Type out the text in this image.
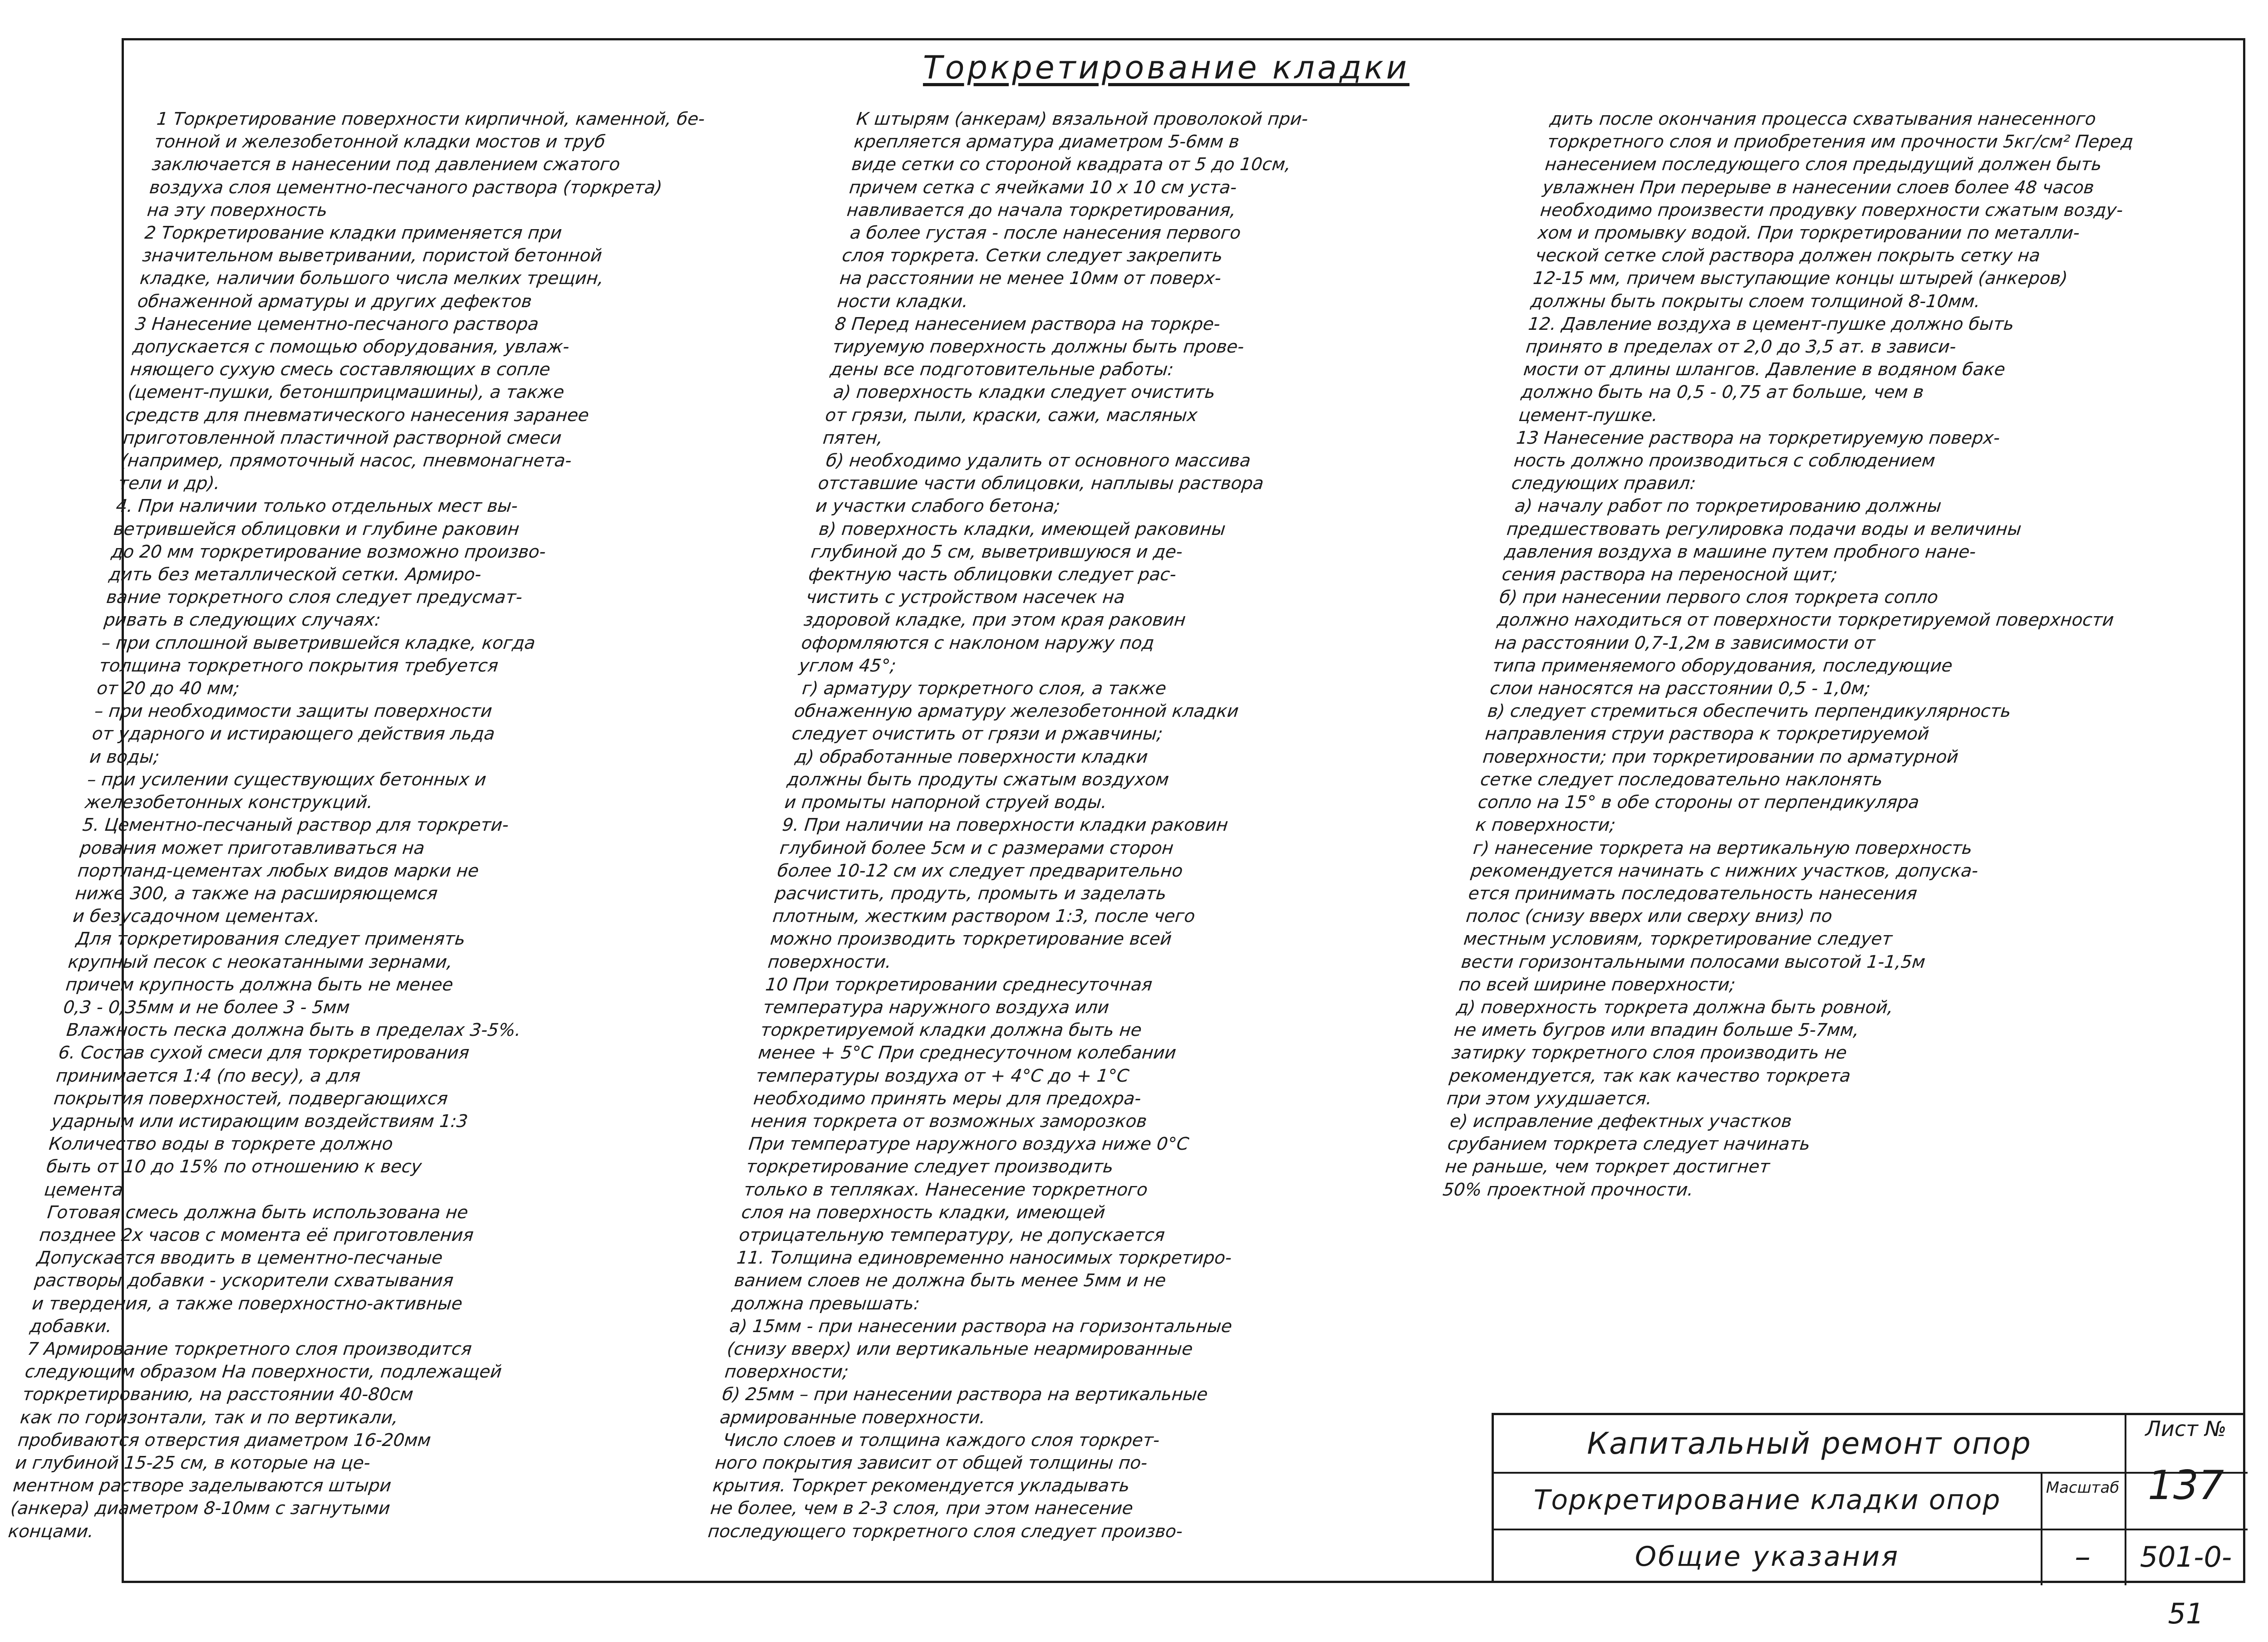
Торкретирование кладки

1 Торкретирование поверхности кирпичной, каменной, бе-

тонной и железобетонной кладки мостов и труб

заключается в нанесении под давлением сжатого

воздуха слоя цементно-песчаного раствора (торкрета)

на эту поверхность

2 Торкретирование кладки применяется при

значительном выветривании, пористой бетонной

кладке, наличии большого числа мелких трещин,

обнаженной арматуры и других дефектов

3 Нанесение цементно-песчаного раствора

допускается с помощью оборудования, увлаж-

няющего сухую смесь составляющих в сопле

(цемент-пушки, бетоншприцмашины), а также

средств для пневматического нанесения заранее

приготовленной пластичной растворной смеси

(например, прямоточный насос, пневмонагнета-

тели и др).

4. При наличии только отдельных мест вы-

ветрившейся облицовки и глубине раковин

до 20 мм торкретирование возможно произво-

дить без металлической сетки. Армиро-

вание торкретного слоя следует предусмат-

ривать в следующих случаях:

– при сплошной выветрившейся кладке, когда

толщина торкретного покрытия требуется

от 20 до 40 мм;

– при необходимости защиты поверхности

от ударного и истирающего действия льда

и воды;

– при усилении существующих бетонных и

железобетонных конструкций.

5. Цементно-песчаный раствор для торкрети-

рования может приготавливаться на

портланд-цементах любых видов марки не

ниже 300, а также на расширяющемся

и безусадочном цементах.

Для торкретирования следует применять

крупный песок с неокатанными зернами,

причем крупность должна быть не менее

0,3 - 0,35мм и не более 3 - 5мм

Влажность песка должна быть в пределах 3-5%.

6. Состав сухой смеси для торкретирования

принимается 1:4 (по весу), а для

покрытия поверхностей, подвергающихся

ударным или истирающим воздействиям 1:3

Количество воды в торкрете должно

быть от 10 до 15% по отношению к весу

цемента

Готовая смесь должна быть использована не

позднее 2х часов с момента её приготовления

Допускается вводить в цементно-песчаные

растворы добавки - ускорители схватывания

и твердения, а также поверхностно-активные

добавки.

7 Армирование торкретного слоя производится

следующим образом На поверхности, подлежащей

торкретированию, на расстоянии 40-80см

как по горизонтали, так и по вертикали,

пробиваются отверстия диаметром 16-20мм

и глубиной 15-25 см, в которые на це-

ментном растворе заделываются штыри

(анкера) диаметром 8-10мм с загнутыми

концами.

К штырям (анкерам) вязальной проволокой при-

крепляется арматура диаметром 5-6мм в

виде сетки со стороной квадрата от 5 до 10см,

причем сетка с ячейками 10 х 10 см уста-

навливается до начала торкретирования,

а более густая - после нанесения первого

слоя торкрета. Сетки следует закрепить

на расстоянии не менее 10мм от поверх-

ности кладки.

8 Перед нанесением раствора на торкре-

тируемую поверхность должны быть прове-

дены все подготовительные работы:

а) поверхность кладки следует очистить

от грязи, пыли, краски, сажи, масляных

пятен,

б) необходимо удалить от основного массива

отставшие части облицовки, наплывы раствора

и участки слабого бетона;

в) поверхность кладки, имеющей раковины

глубиной до 5 см, выветрившуюся и де-

фектную часть облицовки следует рас-

чистить с устройством насечек на

здоровой кладке, при этом края раковин

оформляются с наклоном наружу под

углом 45°;

г) арматуру торкретного слоя, а также

обнаженную арматуру железобетонной кладки

следует очистить от грязи и ржавчины;

д) обработанные поверхности кладки

должны быть продуты сжатым воздухом

и промыты напорной струей воды.

9. При наличии на поверхности кладки раковин

глубиной более 5см и с размерами сторон

более 10-12 см их следует предварительно

расчистить, продуть, промыть и заделать

плотным, жестким раствором 1:3, после чего

можно производить торкретирование всей

поверхности.

10 При торкретировании среднесуточная

температура наружного воздуха или

торкретируемой кладки должна быть не

менее + 5°С При среднесуточном колебании

температуры воздуха от + 4°С до + 1°С

необходимо принять меры для предохра-

нения торкрета от возможных заморозков

При температуре наружного воздуха ниже 0°С

торкретирование следует производить

только в тепляках. Нанесение торкретного

слоя на поверхность кладки, имеющей

отрицательную температуру, не допускается

11. Толщина единовременно наносимых торкретиро-

ванием слоев не должна быть менее 5мм и не

должна превышать:

а) 15мм - при нанесении раствора на горизонтальные

(снизу вверх) или вертикальные неармированные

поверхности;

б) 25мм – при нанесении раствора на вертикальные

армированные поверхности.

Число слоев и толщина каждого слоя торкрет-

ного покрытия зависит от общей толщины по-

крытия. Торкрет рекомендуется укладывать

не более, чем в 2-3 слоя, при этом нанесение

последующего торкретного слоя следует произво-

дить после окончания процесса схватывания нанесенного

торкретного слоя и приобретения им прочности 5кг/см² Перед

нанесением последующего слоя предыдущий должен быть

увлажнен При перерыве в нанесении слоев более 48 часов

необходимо произвести продувку поверхности сжатым возду-

хом и промывку водой. При торкретировании по металли-

ческой сетке слой раствора должен покрыть сетку на

12-15 мм, причем выступающие концы штырей (анкеров)

должны быть покрыты слоем толщиной 8-10мм.

12. Давление воздуха в цемент-пушке должно быть

принято в пределах от 2,0 до 3,5 ат. в зависи-

мости от длины шлангов. Давление в водяном баке

должно быть на 0,5 - 0,75 ат больше, чем в

цемент-пушке.

13 Нанесение раствора на торкретируемую поверх-

ность должно производиться с соблюдением

следующих правил:

а) началу работ по торкретированию должны

предшествовать регулировка подачи воды и величины

давления воздуха в машине путем пробного нане-

сения раствора на переносной щит;

б) при нанесении первого слоя торкрета сопло

должно находиться от поверхности торкретируемой поверхности

на расстоянии 0,7-1,2м в зависимости от

типа применяемого оборудования, последующие

слои наносятся на расстоянии 0,5 - 1,0м;

в) следует стремиться обеспечить перпендикулярность

направления струи раствора к торкретируемой

поверхности; при торкретировании по арматурной

сетке следует последовательно наклонять

сопло на 15° в обе стороны от перпендикуляра

к поверхности;

г) нанесение торкрета на вертикальную поверхность

рекомендуется начинать с нижних участков, допуска-

ется принимать последовательность нанесения

полос (снизу вверх или сверху вниз) по

местным условиям, торкретирование следует

вести горизонтальными полосами высотой 1-1,5м

по всей ширине поверхности;

д) поверхность торкрета должна быть ровной,

не иметь бугров или впадин больше 5-7мм,

затирку торкретного слоя производить не

рекомендуется, так как качество торкрета

при этом ухудшается.

е) исправление дефектных участков

срубанием торкрета следует начинать

не раньше, чем торкрет достигнет

50% проектной прочности.

Капитальный ремонт опор
Торкретирование кладки опор
Общие указания
Лист №
137
Масштаб
–	501-0-51
